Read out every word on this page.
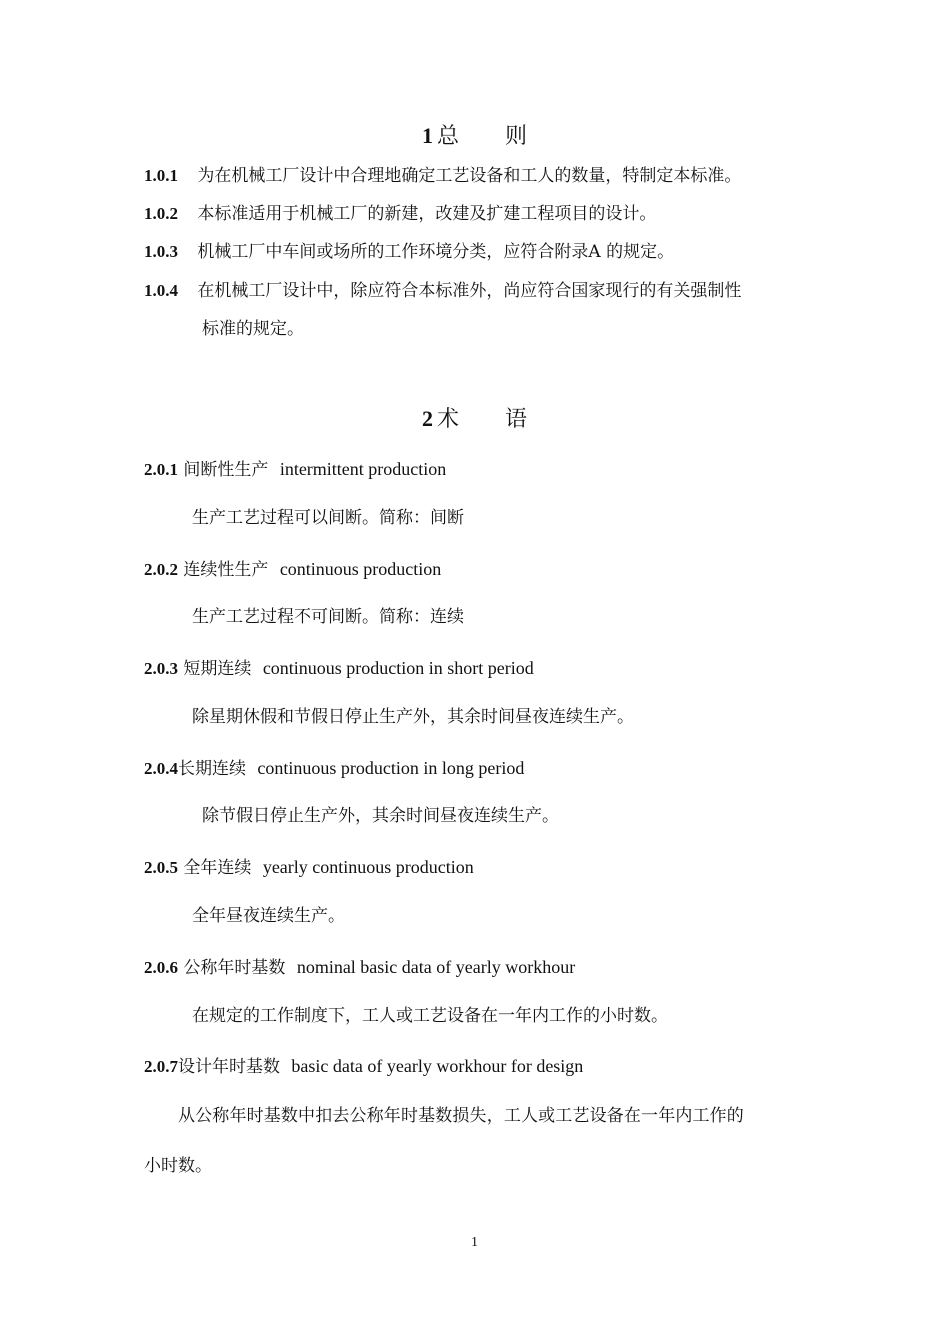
1 总 则
1.0.1 为在机械工厂设计中合理地确定工艺设备和工人的数量，特制定本标准。
1.0.2 本标准适用于机械工厂的新建，改建及扩建工程项目的设计。
1.0.3 机械工厂中车间或场所的工作环境分类，应符合附录A 的规定。
1.0.4 在机械工厂设计中，除应符合本标准外，尚应符合国家现行的有关强制性
标准的规定。
2 术 语
2.0.1 间断性生产 intermittent production
生产工艺过程可以间断。简称：间断
2.0.2 连续性生产 continuous production
生产工艺过程不可间断。简称：连续
2.0.3 短期连续 continuous production in short period
除星期休假和节假日停止生产外，其余时间昼夜连续生产。
2.0.4长期连续 continuous production in long period
除节假日停止生产外，其余时间昼夜连续生产。
2.0.5 全年连续 yearly continuous production
全年昼夜连续生产。
2.0.6 公称年时基数 nominal basic data of yearly workhour
在规定的工作制度下，工人或工艺设备在一年内工作的小时数。
2.0.7设计年时基数 basic data of yearly workhour for design
从公称年时基数中扣去公称年时基数损失，工人或工艺设备在一年内工作的
小时数。
1
